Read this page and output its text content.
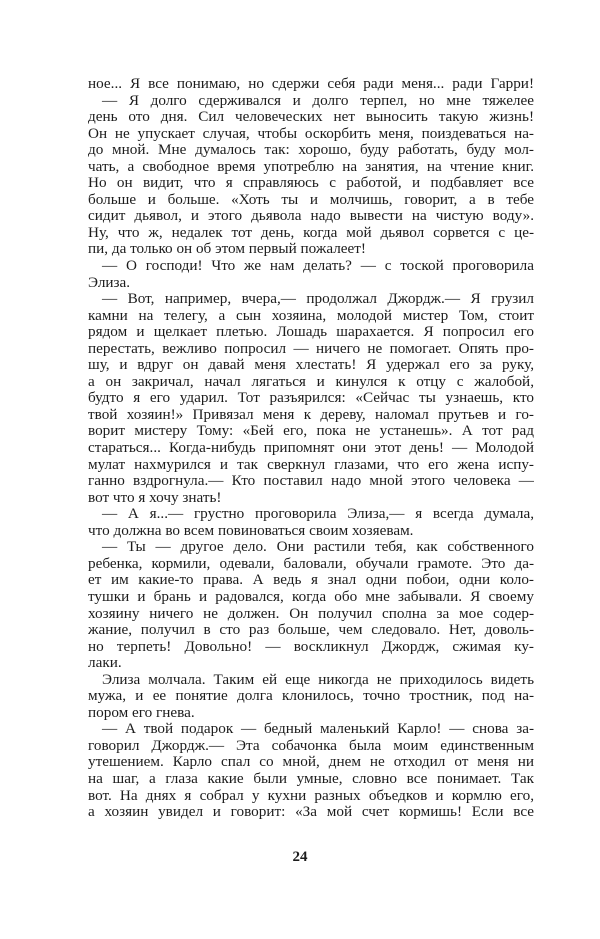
ное... Я все понимаю, но сдержи себя ради меня... ради Гарри!
— Я долго сдерживался и долго терпел, но мне тяжелее
день ото дня. Сил человеческих нет выносить такую жизнь!
Он не упускает случая, чтобы оскорбить меня, поиздеваться на-
до мной. Мне думалось так: хорошо, буду работать, буду мол-
чать, а свободное время употреблю на занятия, на чтение книг.
Но он видит, что я справляюсь с работой, и подбавляет все
больше и больше. «Хоть ты и молчишь, говорит, а в тебе
сидит дьявол, и этого дьявола надо вывести на чистую воду».
Ну, что ж, недалек тот день, когда мой дьявол сорвется с це-
пи, да только он об этом первый пожалеет!
— О господи! Что же нам делать? — с тоской проговорила
Элиза.
— Вот, например, вчера,— продолжал Джордж.— Я грузил
камни на телегу, а сын хозяина, молодой мистер Том, стоит
рядом и щелкает плетью. Лошадь шарахается. Я попросил его
перестать, вежливо попросил — ничего не помогает. Опять про-
шу, и вдруг он давай меня хлестать! Я удержал его за руку,
а он закричал, начал лягаться и кинулся к отцу с жалобой,
будто я его ударил. Тот разъярился: «Сейчас ты узнаешь, кто
твой хозяин!» Привязал меня к дереву, наломал прутьев и го-
ворит мистеру Тому: «Бей его, пока не устанешь». А тот рад
стараться... Когда-нибудь припомнят они этот день! — Молодой
мулат нахмурился и так сверкнул глазами, что его жена испу-
ганно вздрогнула.— Кто поставил надо мной этого человека —
вот что я хочу знать!
— А я...— грустно проговорила Элиза,— я всегда думала,
что должна во всем повиноваться своим хозяевам.
— Ты — другое дело. Они растили тебя, как собственного
ребенка, кормили, одевали, баловали, обучали грамоте. Это да-
ет им какие-то права. А ведь я знал одни побои, одни коло-
тушки и брань и радовался, когда обо мне забывали. Я своему
хозяину ничего не должен. Он получил сполна за мое содер-
жание, получил в сто раз больше, чем следовало. Нет, доволь-
но терпеть! Довольно! — воскликнул Джордж, сжимая ку-
лаки.
Элиза молчала. Таким ей еще никогда не приходилось видеть
мужа, и ее понятие долга клонилось, точно тростник, под на-
пором его гнева.
— А твой подарок — бедный маленький Карло! — снова за-
говорил Джордж.— Эта собачонка была моим единственным
утешением. Карло спал со мной, днем не отходил от меня ни
на шаг, а глаза какие были умные, словно все понимает. Так
вот. На днях я собрал у кухни разных объедков и кормлю его,
а хозяин увидел и говорит: «За мой счет кормишь! Если все
24
